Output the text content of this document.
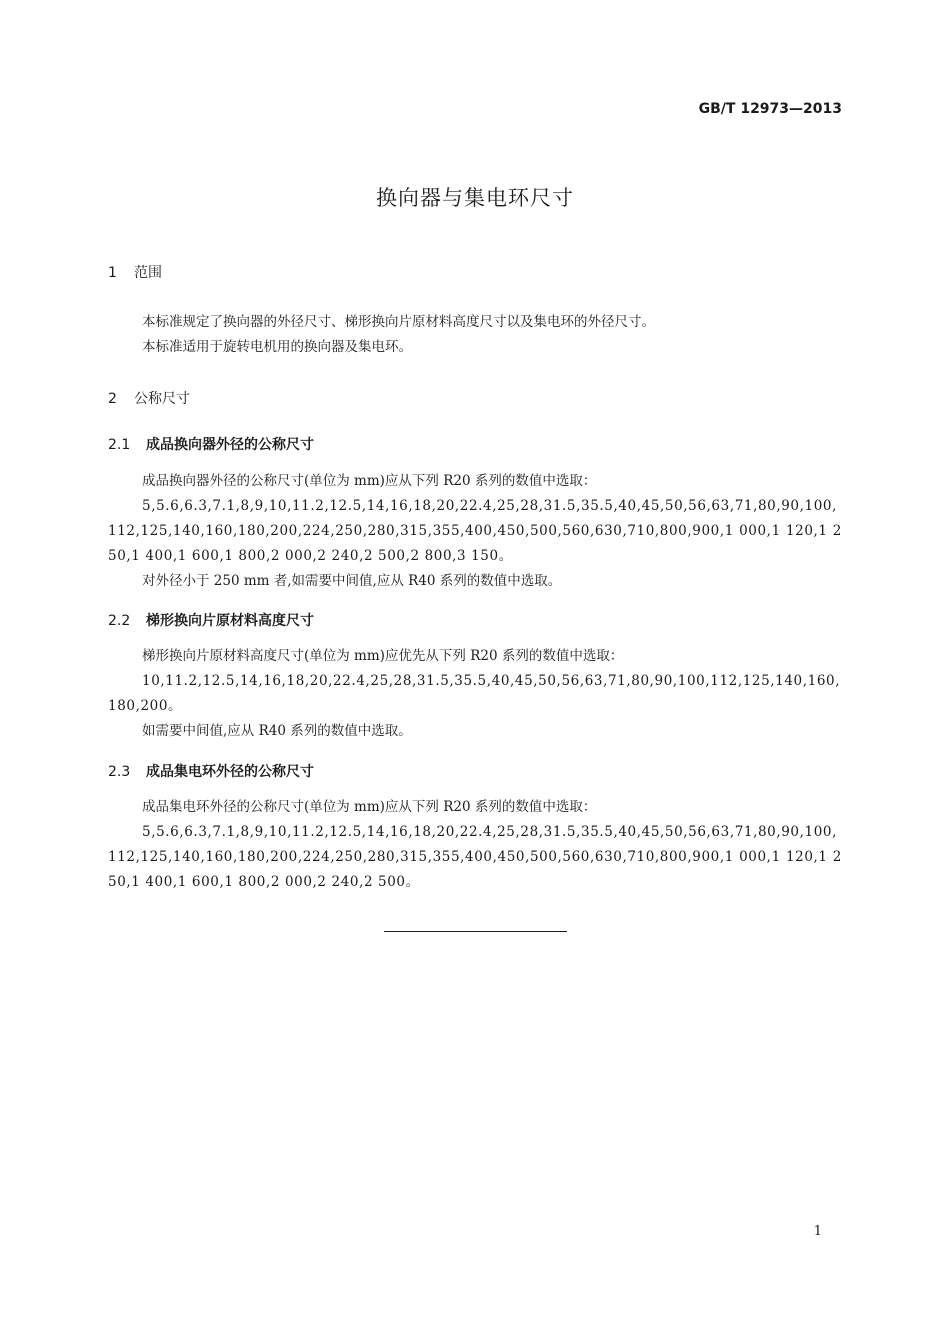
GB/T 12973—2013
换向器与集电环尺寸
1 范围

本标准规定了换向器的外径尺寸、梯形换向片原材料高度尺寸以及集电环的外径尺寸。

本标准适用于旋转电机用的换向器及集电环。

2 公称尺寸
2.1 成品换向器外径的公称尺寸

成品换向器外径的公称尺寸(单位为 mm)应从下列 R20 系列的数值中选取：

5,5.6,6.3,7.1,8,9,10,11.2,12.5,14,16,18,20,22.4,25,28,31.5,35.5,40,45,50,56,63,71,80,90,100,112,125,140,160,180,200,224,250,280,315,355,400,450,500,560,630,710,800,900,1 000,1 120,1 250,1 400,1 600,1 800,2 000,2 240,2 500,2 800,3 150。

对外径小于 250 mm 者,如需要中间值,应从 R40 系列的数值中选取。

2.2 梯形换向片原材料高度尺寸

梯形换向片原材料高度尺寸(单位为 mm)应优先从下列 R20 系列的数值中选取：

10,11.2,12.5,14,16,18,20,22.4,25,28,31.5,35.5,40,45,50,56,63,71,80,90,100,112,125,140,160,180,200。

如需要中间值,应从 R40 系列的数值中选取。

2.3 成品集电环外径的公称尺寸

成品集电环外径的公称尺寸(单位为 mm)应从下列 R20 系列的数值中选取：

5,5.6,6.3,7.1,8,9,10,11.2,12.5,14,16,18,20,22.4,25,28,31.5,35.5,40,45,50,56,63,71,80,90,100,112,125,140,160,180,200,224,250,280,315,355,400,450,500,560,630,710,800,900,1 000,1 120,1 250,1 400,1 600,1 800,2 000,2 240,2 500。

1
